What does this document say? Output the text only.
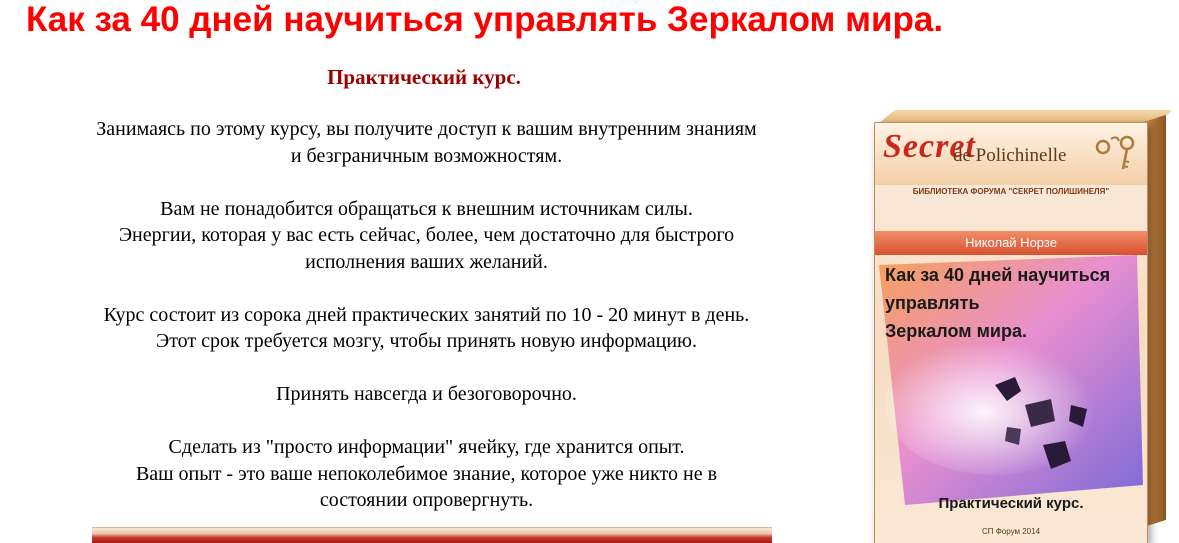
Как за 40 дней научиться управлять Зеркалом мира.
Практический курс.

Занимаясь по этому курсу, вы получите доступ к вашим внутренним знаниям
и безграничным возможностям.

Вам не понадобится обращаться к внешним источникам силы.
Энергии, которая у вас есть сейчас, более, чем достаточно для быстрого
исполнения ваших желаний.

Курс состоит из сорока дней практических занятий по 10 - 20 минут в день.
Этот срок требуется мозгу, чтобы принять новую информацию.

Принять навсегда и безоговорочно.

Сделать из "просто информации" ячейку, где хранится опыт.
Ваш опыт - это ваше непоколебимое знание, которое уже никто не в
состоянии опровергнуть.

Secret
de Polichinelle
БИБЛИОТЕКА ФОРУМА "СЕКРЕТ ПОЛИШИНЕЛЯ"
Николай Норзе
Как за 40 дней научиться
управлять
Зеркалом мира.
Практический курс.
СП Форум 2014
